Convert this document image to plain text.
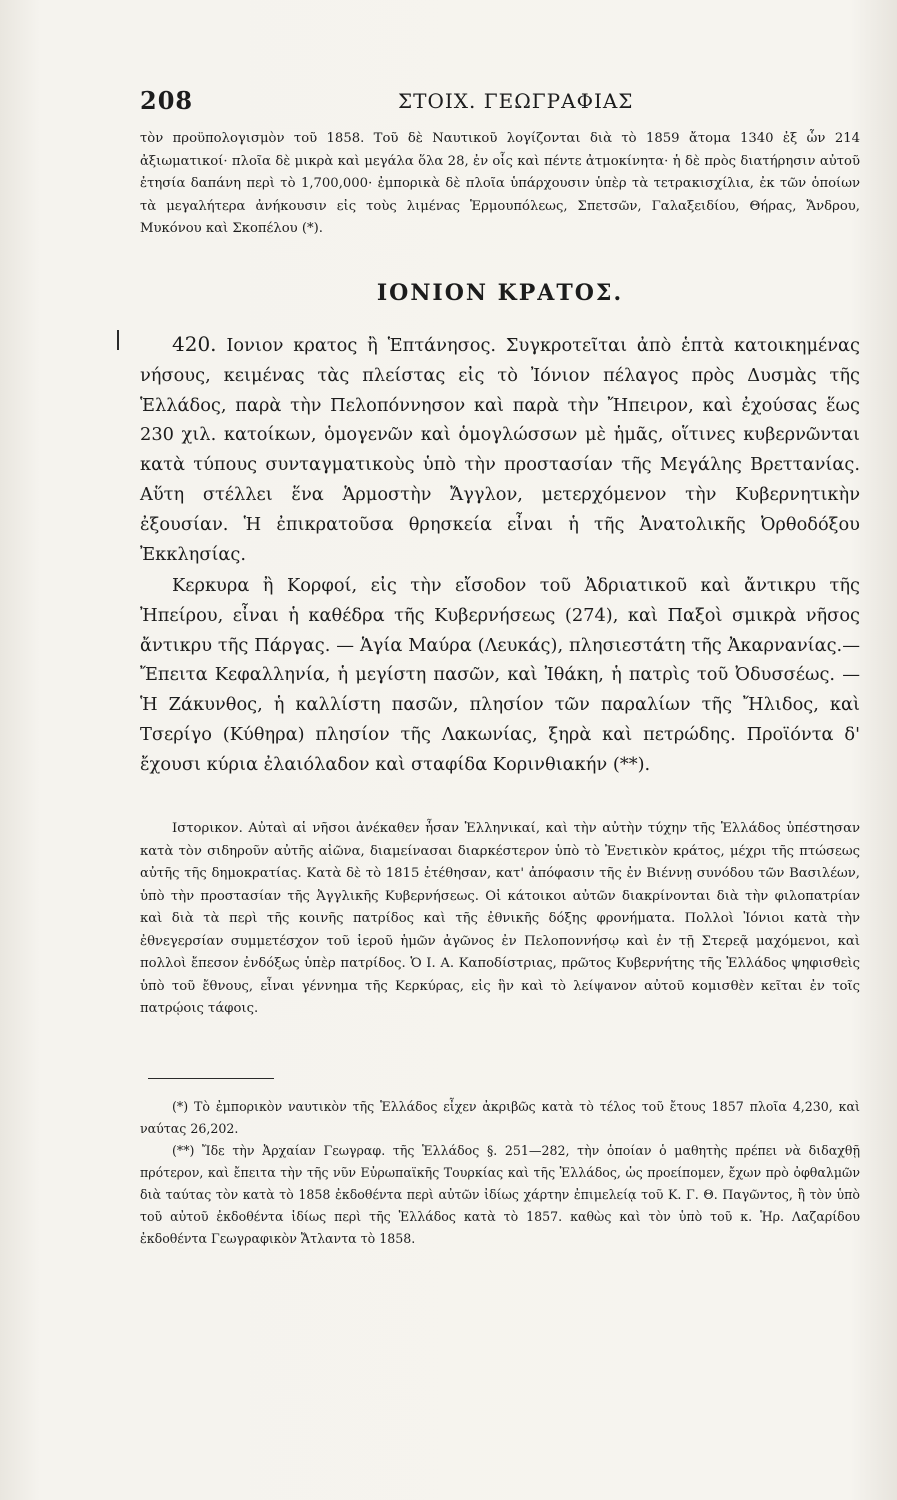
208	ΣΤΟΙΧ. ΓΕΩΓΡΑΦΙΑΣ

τὸν προϋπολογισμὸν τοῦ 1858. Τοῦ δὲ Ναυτικοῦ λογίζονται διὰ τὸ 1859 ἄτομα 1340 ἐξ ὧν 214 ἀξιωματικοί· πλοῖα δὲ μικρὰ καὶ μεγάλα ὅλα 28, ἐν οἷς καὶ πέντε ἀτμοκίνητα· ἡ δὲ πρὸς διατήρησιν αὐτοῦ ἐτησία δαπάνη περὶ τὸ 1,700,000· ἐμπορικὰ δὲ πλοῖα ὑπάρχουσιν ὑπὲρ τὰ τετρακισχίλια, ἐκ τῶν ὁποίων τὰ μεγαλήτερα ἀνήκουσιν εἰς τοὺς λιμένας Ἑρμουπόλεως, Σπετσῶν, Γαλαξειδίου, Θήρας, Ἄνδρου, Μυκόνου καὶ Σκοπέλου (*).

ΙΟΝΙΟΝ ΚΡΑΤΟΣ.

420. Ιονιον κρατος ἢ Ἑπτάνησος. Συγκροτεῖται ἀπὸ ἑπτὰ κατοικημένας νήσους, κειμένας τὰς πλείστας εἰς τὸ Ἰόνιον πέλαγος πρὸς Δυσμὰς τῆς Ἑλλάδος, παρὰ τὴν Πελοπόννησον καὶ παρὰ τὴν Ἤπειρον, καὶ ἐχούσας ἕως 230 χιλ. κατοίκων, ὁμογενῶν καὶ ὁμογλώσσων μὲ ἡμᾶς, οἵτινες κυβερνῶνται κατὰ τύπους συνταγματικοὺς ὑπὸ τὴν προστασίαν τῆς Μεγάλης Βρεττανίας. Αὕτη στέλλει ἕνα Ἁρμοστὴν Ἄγγλον, μετερχόμενον τὴν Κυβερνητικὴν ἐξουσίαν. Ἡ ἐπικρατοῦσα θρησκεία εἶναι ἡ τῆς Ἀνατολικῆς Ὀρθοδόξου Ἐκκλησίας.

Κερκυρα ἢ Κορφοί, εἰς τὴν εἴσοδον τοῦ Ἀδριατικοῦ καὶ ἄντικρυ τῆς Ἠπείρου, εἶναι ἡ καθέδρα τῆς Κυβερνήσεως (274), καὶ Παξοὶ σμικρὰ νῆσος ἄντικρυ τῆς Πάργας. — Ἁγία Μαύρα (Λευκάς), πλησιεστάτη τῆς Ἀκαρνανίας.—Ἔπειτα Κεφαλληνία, ἡ μεγίστη πασῶν, καὶ Ἰθάκη, ἡ πατρὶς τοῦ Ὀδυσσέως. — Ἡ Ζάκυνθος, ἡ καλλίστη πασῶν, πλησίον τῶν παραλίων τῆς Ἤλιδος, καὶ Τσερίγο (Κύθηρα) πλησίον τῆς Λακωνίας, ξηρὰ καὶ πετρώδης. Προϊόντα δ' ἔχουσι κύρια ἐλαιόλαδον καὶ σταφίδα Κορινθιακήν (**).

Ιστορικον. Αὐταὶ αἱ νῆσοι ἀνέκαθεν ἦσαν Ἑλληνικαί, καὶ τὴν αὐτὴν τύχην τῆς Ἑλλάδος ὑπέστησαν κατὰ τὸν σιδηροῦν αὐτῆς αἰῶνα, διαμείνασαι διαρκέστερον ὑπὸ τὸ Ἐνετικὸν κράτος, μέχρι τῆς πτώσεως αὐτῆς τῆς δημοκρατίας. Κατὰ δὲ τὸ 1815 ἐτέθησαν, κατ' ἀπόφασιν τῆς ἐν Βιέννῃ συνόδου τῶν Βασιλέων, ὑπὸ τὴν προστασίαν τῆς Ἀγγλικῆς Κυβερνήσεως. Οἱ κάτοικοι αὐτῶν διακρίνονται διὰ τὴν φιλοπατρίαν καὶ διὰ τὰ περὶ τῆς κοινῆς πατρίδος καὶ τῆς ἐθνικῆς δόξης φρονήματα. Πολλοὶ Ἰόνιοι κατὰ τὴν ἐθνεγερσίαν συμμετέσχον τοῦ ἱεροῦ ἡμῶν ἀγῶνος ἐν Πελοποννήσῳ καὶ ἐν τῇ Στερεᾷ μαχόμενοι, καὶ πολλοὶ ἔπεσον ἐνδόξως ὑπὲρ πατρίδος. Ὁ Ι. Α. Καποδίστριας, πρῶτος Κυβερνήτης τῆς Ἑλλάδος ψηφισθεὶς ὑπὸ τοῦ ἔθνους, εἶναι γέννημα τῆς Κερκύρας, εἰς ἣν καὶ τὸ λείψανον αὐτοῦ κομισθὲν κεῖται ἐν τοῖς πατρῴοις τάφοις.

(*) Τὸ ἐμπορικὸν ναυτικὸν τῆς Ἑλλάδος εἶχεν ἀκριβῶς κατὰ τὸ τέλος τοῦ ἔτους 1857 πλοῖα 4,230, καὶ ναύτας 26,202.

(**) Ἴδε τὴν Ἀρχαίαν Γεωγραφ. τῆς Ἑλλάδος §. 251—282, τὴν ὁποίαν ὁ μαθητὴς πρέπει νὰ διδαχθῇ πρότερον, καὶ ἔπειτα τὴν τῆς νῦν Εὐρωπαϊκῆς Τουρκίας καὶ τῆς Ἑλλάδος, ὡς προείπομεν, ἔχων πρὸ ὀφθαλμῶν διὰ ταύτας τὸν κατὰ τὸ 1858 ἐκδοθέντα περὶ αὐτῶν ἰδίως χάρτην ἐπιμελείᾳ τοῦ Κ. Γ. Θ. Παγῶντος, ἢ τὸν ὑπὸ τοῦ αὐτοῦ ἐκδοθέντα ἰδίως περὶ τῆς Ἑλλάδος κατὰ τὸ 1857. καθὼς καὶ τὸν ὑπὸ τοῦ κ. Ἡρ. Λαζαρίδου ἐκδοθέντα Γεωγραφικὸν Ἄτλαντα τὸ 1858.
